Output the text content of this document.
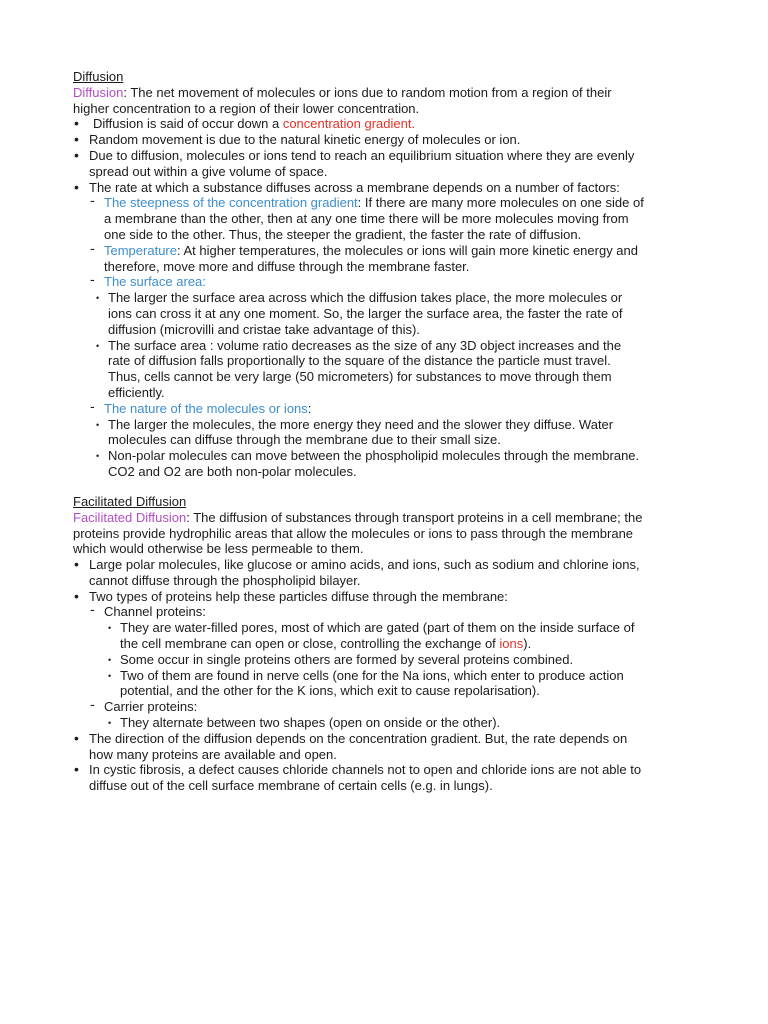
Diffusion
Diffusion: The net movement of molecules or ions due to random motion from a region of their
higher concentration to a region of their lower concentration.
• Diffusion is said of occur down a concentration gradient.
• Random movement is due to the natural kinetic energy of molecules or ion.
• Due to diffusion, molecules or ions tend to reach an equilibrium situation where they are evenly
spread out within a give volume of space.
• The rate at which a substance diffuses across a membrane depends on a number of factors:
- The steepness of the concentration gradient: If there are many more molecules on one side of
a membrane than the other, then at any one time there will be more molecules moving from
one side to the other. Thus, the steeper the gradient, the faster the rate of diffusion.
- Temperature: At higher temperatures, the molecules or ions will gain more kinetic energy and
therefore, move more and diffuse through the membrane faster.
- The surface area:
• The larger the surface area across which the diffusion takes place, the more molecules or
ions can cross it at any one moment. So, the larger the surface area, the faster the rate of
diffusion (microvilli and cristae take advantage of this).
• The surface area : volume ratio decreases as the size of any 3D object increases and the
rate of diffusion falls proportionally to the square of the distance the particle must travel.
Thus, cells cannot be very large (50 micrometers) for substances to move through them
efficiently.
- The nature of the molecules or ions:
• The larger the molecules, the more energy they need and the slower they diffuse. Water
molecules can diffuse through the membrane due to their small size.
• Non-polar molecules can move between the phospholipid molecules through the membrane.
CO2 and O2 are both non-polar molecules.
Facilitated Diffusion
Facilitated Diffusion: The diffusion of substances through transport proteins in a cell membrane; the
proteins provide hydrophilic areas that allow the molecules or ions to pass through the membrane
which would otherwise be less permeable to them.
• Large polar molecules, like glucose or amino acids, and ions, such as sodium and chlorine ions,
cannot diffuse through the phospholipid bilayer.
• Two types of proteins help these particles diffuse through the membrane:
- Channel proteins:
• They are water-filled pores, most of which are gated (part of them on the inside surface of
the cell membrane can open or close, controlling the exchange of ions).
• Some occur in single proteins others are formed by several proteins combined.
• Two of them are found in nerve cells (one for the Na ions, which enter to produce action
potential, and the other for the K ions, which exit to cause repolarisation).
- Carrier proteins:
• They alternate between two shapes (open on onside or the other).
• The direction of the diffusion depends on the concentration gradient. But, the rate depends on
how many proteins are available and open.
• In cystic fibrosis, a defect causes chloride channels not to open and chloride ions are not able to
diffuse out of the cell surface membrane of certain cells (e.g. in lungs).
